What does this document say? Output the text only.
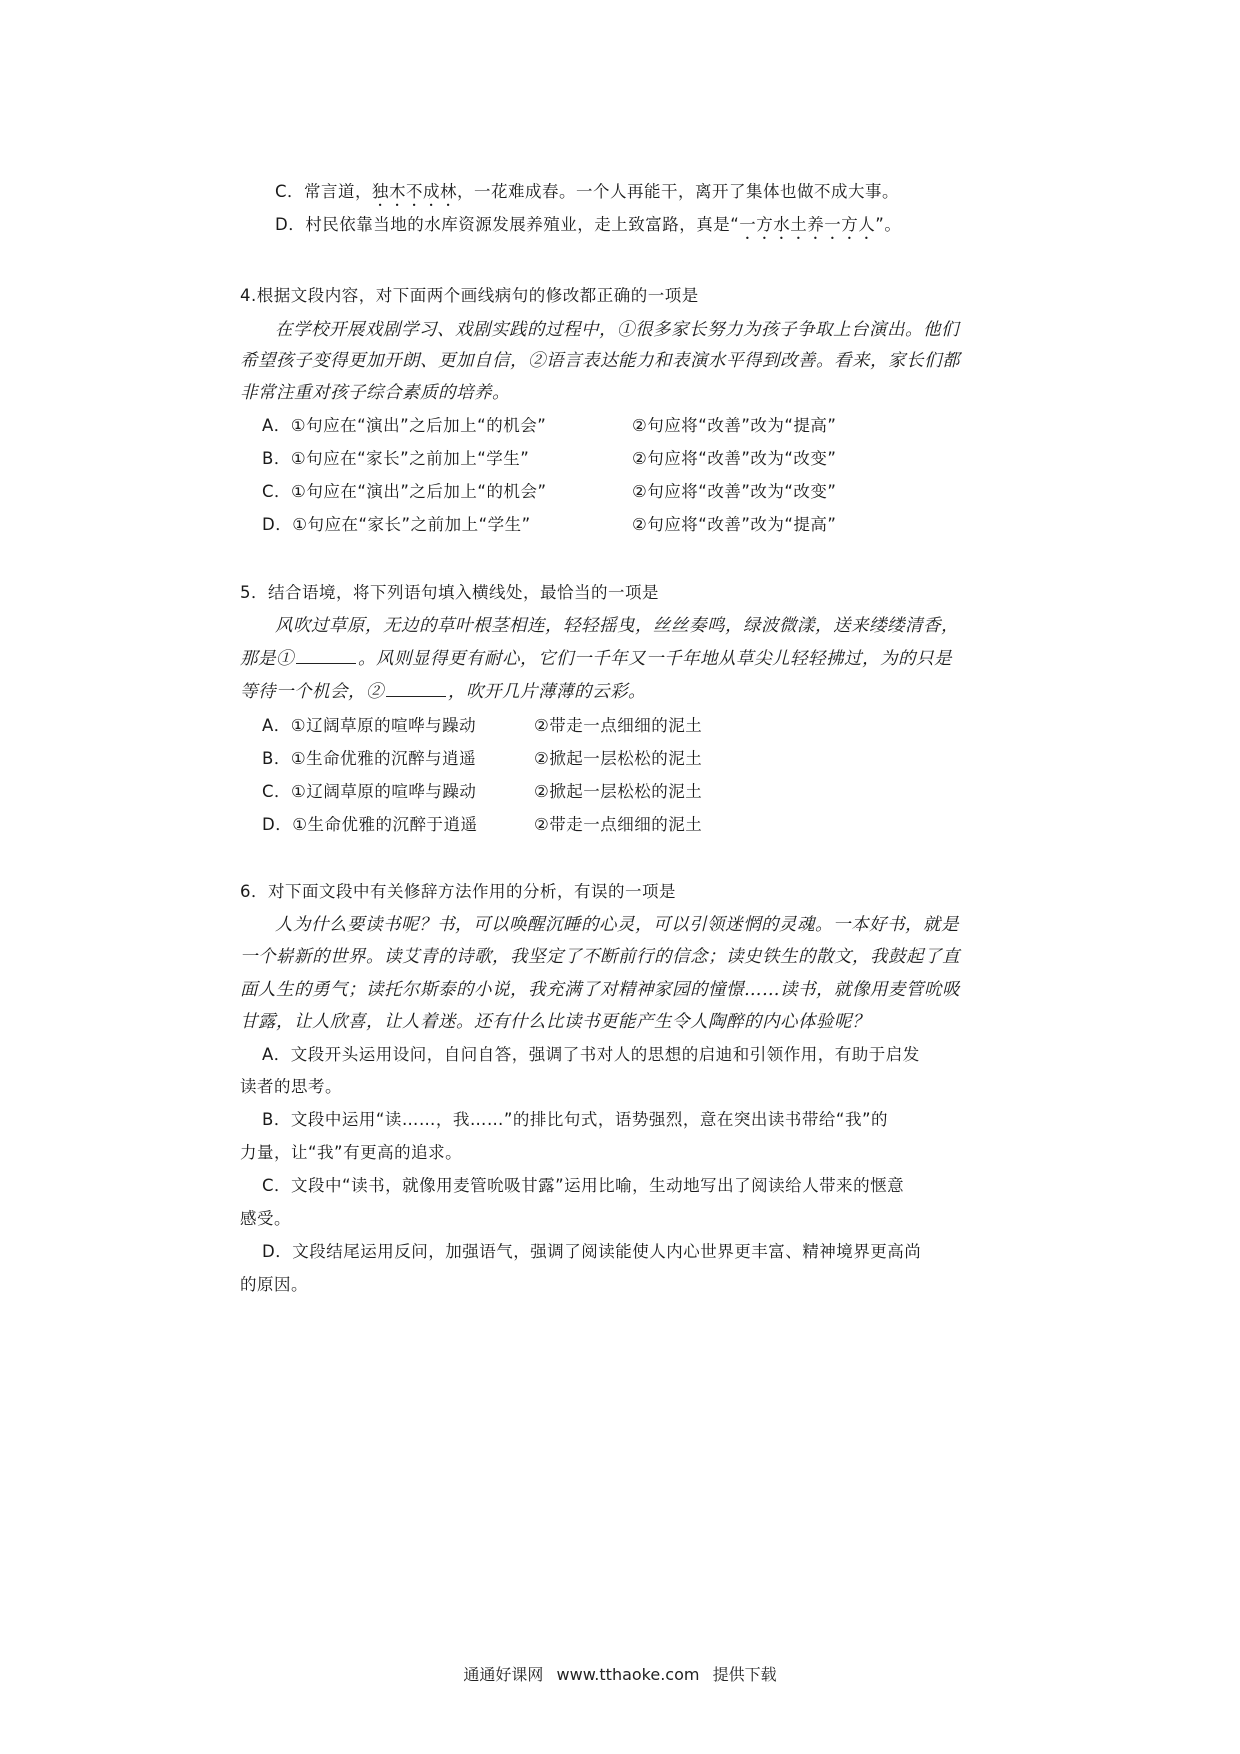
C．常言道，独木不成林，一花难成春。一个人再能干，离开了集体也做不成大事。
D．村民依靠当地的水库资源发展养殖业，走上致富路，真是“一方水土养一方人”。
4.根据文段内容，对下面两个画线病句的修改都正确的一项是
在学校开展戏剧学习、戏剧实践的过程中，①很多家长努力为孩子争取上台演出。他们
希望孩子变得更加开朗、更加自信，②语言表达能力和表演水平得到改善。看来，家长们都
非常注重对孩子综合素质的培养。
A．①句应在“演出”之后加上“的机会”	②句应将“改善”改为“提高”
B．①句应在“家长”之前加上“学生”	②句应将“改善”改为“改变”
C．①句应在“演出”之后加上“的机会”	②句应将“改善”改为“改变”
D．①句应在“家长”之前加上“学生”	②句应将“改善”改为“提高”
5．结合语境，将下列语句填入横线处，最恰当的一项是
风吹过草原，无边的草叶根茎相连，轻轻摇曳，丝丝奏鸣，绿波微漾，送来缕缕清香，
那是①	。风则显得更有耐心，它们一千年又一千年地从草尖儿轻轻拂过，为的只是
等待一个机会，②	，吹开几片薄薄的云彩。
A．①辽阔草原的喧哗与躁动	②带走一点细细的泥土
B．①生命优雅的沉醉与逍遥	②掀起一层松松的泥土
C．①辽阔草原的喧哗与躁动	②掀起一层松松的泥土
D．①生命优雅的沉醉于逍遥	②带走一点细细的泥土
6．对下面文段中有关修辞方法作用的分析，有误的一项是
人为什么要读书呢？书，可以唤醒沉睡的心灵，可以引领迷惘的灵魂。一本好书，就是
一个崭新的世界。读艾青的诗歌，我坚定了不断前行的信念；读史铁生的散文，我鼓起了直
面人生的勇气；读托尔斯泰的小说，我充满了对精神家园的憧憬……读书，就像用麦管吮吸
甘露，让人欣喜，让人着迷。还有什么比读书更能产生令人陶醉的内心体验呢？
A．文段开头运用设问，自问自答，强调了书对人的思想的启迪和引领作用，有助于启发
读者的思考。
B．文段中运用“读……，我……”的排比句式，语势强烈，意在突出读书带给“我”的
力量，让“我”有更高的追求。
C．文段中“读书，就像用麦管吮吸甘露”运用比喻，生动地写出了阅读给人带来的惬意
感受。
D．文段结尾运用反问，加强语气，强调了阅读能使人内心世界更丰富、精神境界更高尚
的原因。
通通好课网 www.tthaoke.com 提供下载
